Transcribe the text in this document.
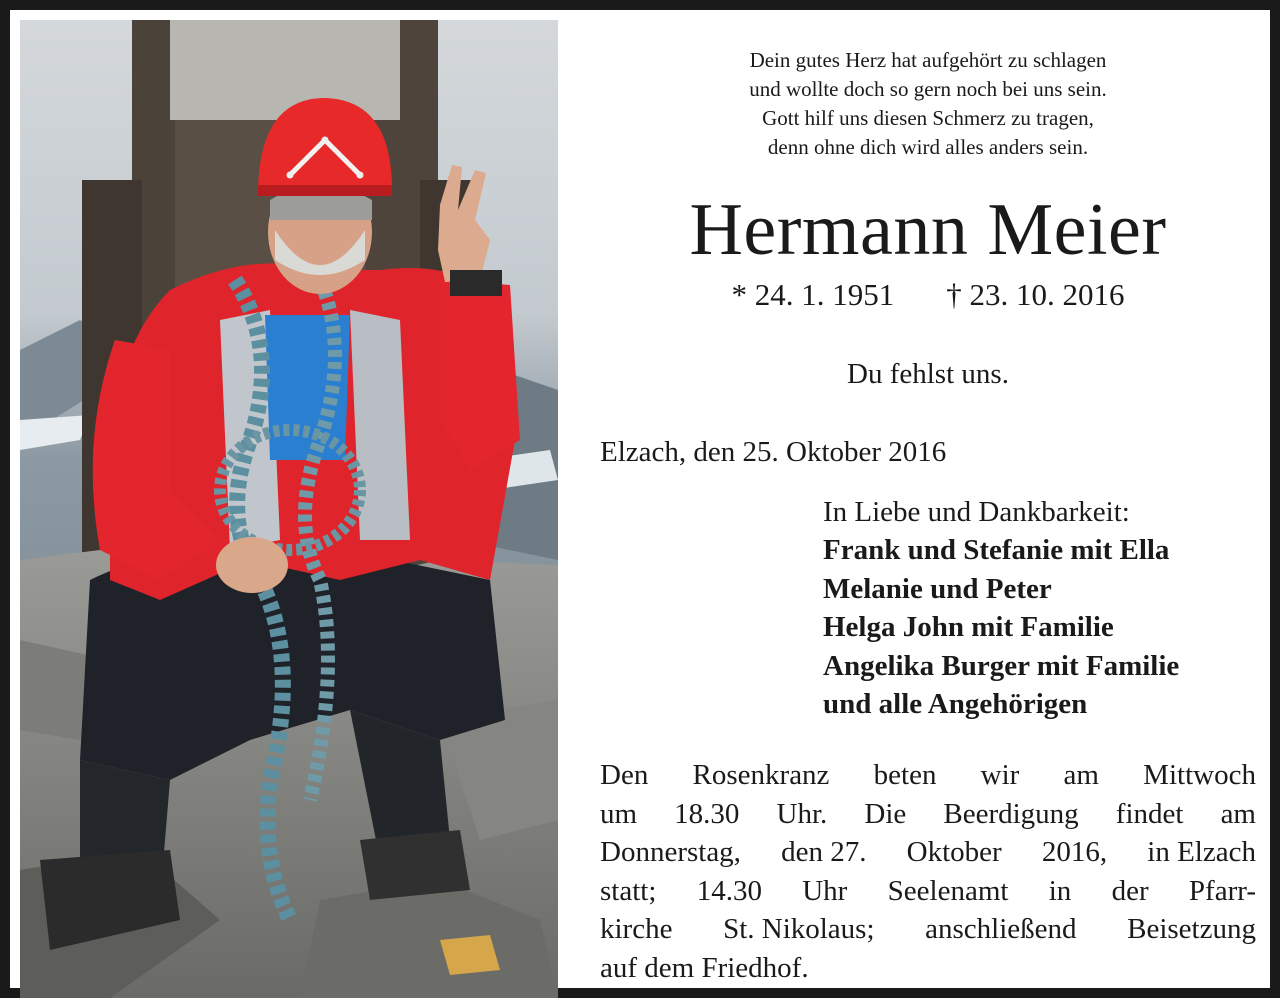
Dein gutes Herz hat aufgehört zu schlagen
und wollte doch so gern noch bei uns sein.
Gott hilf uns diesen Schmerz zu tragen,
denn ohne dich wird alles anders sein.
Hermann Meier
* 24. 1. 1951 † 23. 10. 2016
Du fehlst uns.
Elzach, den 25. Oktober 2016
In Liebe und Dankbarkeit:
Frank und Stefanie mit Ella
Melanie und Peter
Helga John mit Familie
Angelika Burger mit Familie
und alle Angehörigen
Den Rosenkranz beten wir am Mittwoch
um 18.30 Uhr. Die Beerdigung findet am
Donnerstag, den 27. Oktober 2016, in Elzach
statt; 14.30 Uhr Seelenamt in der Pfarr-
kirche St. Nikolaus; anschließend Beisetzung
auf dem Friedhof.
